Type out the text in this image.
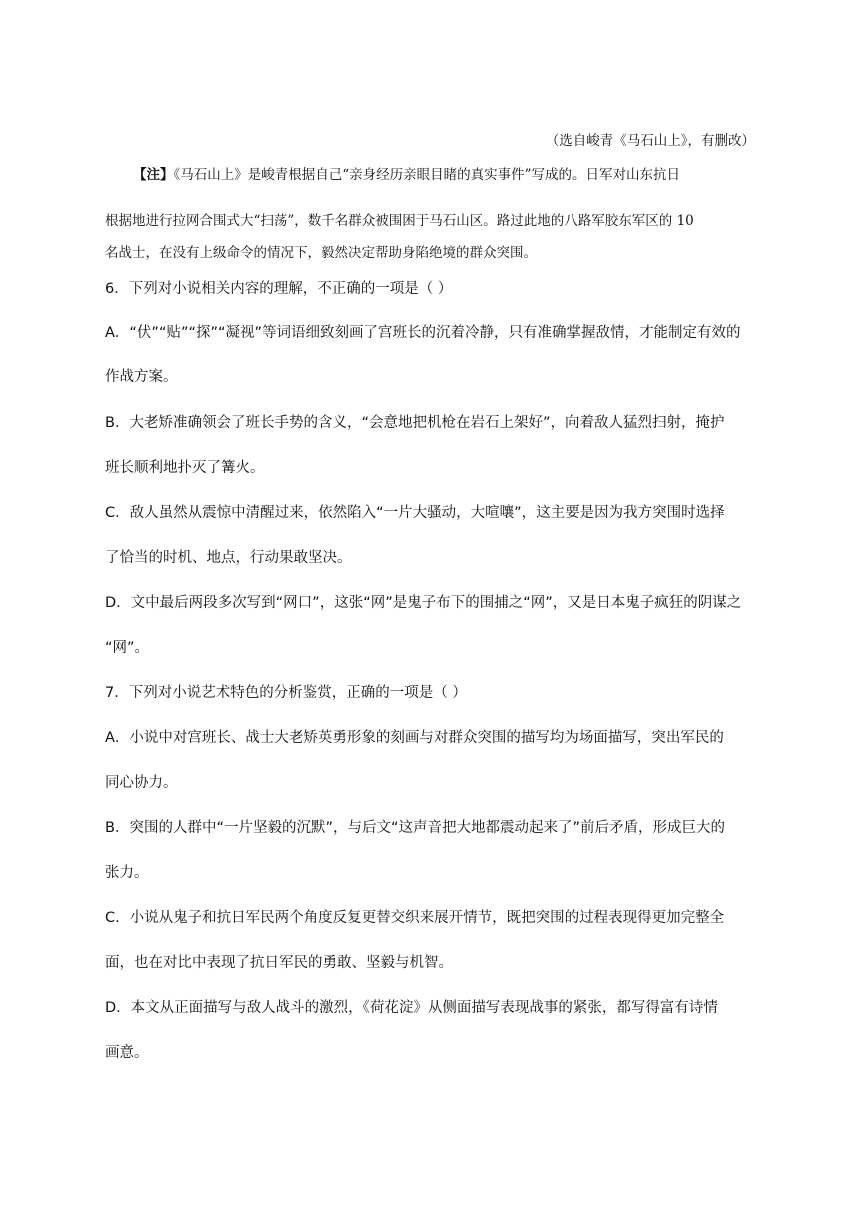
（选自峻青《马石山上》，有删改）
【注】《马石山上》是峻青根据自己“亲身经历亲眼目睹的真实事件”写成的。日军对山东抗日
根据地进行拉网合围式大“扫荡”，数千名群众被围困于马石山区。路过此地的八路军胶东军区的 10
名战士，在没有上级命令的情况下，毅然决定帮助身陷绝境的群众突围。
6．下列对小说相关内容的理解，不正确的一项是（ ）
A．“伏”“贴”“探”“凝视”等词语细致刻画了宫班长的沉着冷静，只有准确掌握敌情，才能制定有效的
作战方案。
B．大老矫准确领会了班长手势的含义，“会意地把机枪在岩石上架好”，向着敌人猛烈扫射，掩护
班长顺利地扑灭了篝火。
C．敌人虽然从震惊中清醒过来，依然陷入“一片大骚动，大喧嚷”，这主要是因为我方突围时选择
了恰当的时机、地点，行动果敢坚决。
D．文中最后两段多次写到“网口”，这张“网”是鬼子布下的围捕之“网”，又是日本鬼子疯狂的阴谋之
“网”。
7．下列对小说艺术特色的分析鉴赏，正确的一项是（ ）
A．小说中对宫班长、战士大老矫英勇形象的刻画与对群众突围的描写均为场面描写，突出军民的
同心协力。
B．突围的人群中“一片坚毅的沉默”，与后文“这声音把大地都震动起来了”前后矛盾，形成巨大的
张力。
C．小说从鬼子和抗日军民两个角度反复更替交织来展开情节，既把突围的过程表现得更加完整全
面，也在对比中表现了抗日军民的勇敢、坚毅与机智。
D．本文从正面描写与敌人战斗的激烈，《荷花淀》从侧面描写表现战事的紧张，都写得富有诗情
画意。
